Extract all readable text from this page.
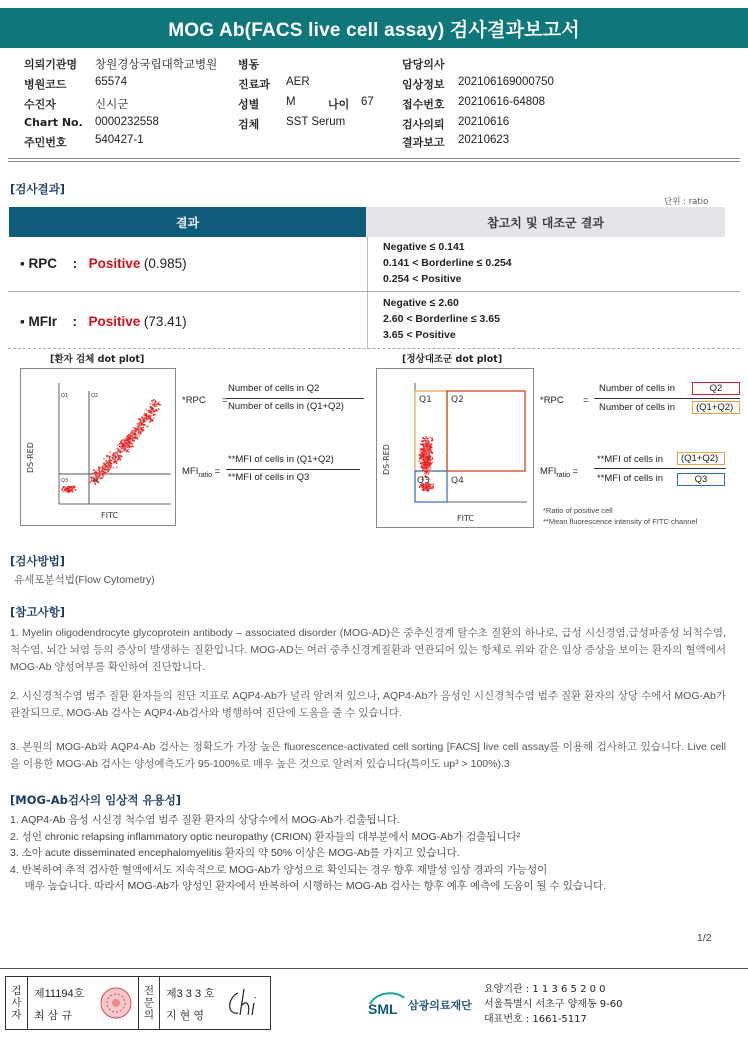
MOG Ab(FACS live cell assay) 검사결과보고서
의뢰기관명 창원경상국립대학교병원
병원코드 65574
수진자	신시군
Chart No. 0000232558
주민번호 540427-1
병동
진료과 AER
성별 M	나이 67
검체 SST Serum
담당의사
임상정보 202106169000750
접수번호 20210616-64808
검사의뢰 20210616
결과보고 20210623
[검사결과]
단위 : ratio
결과	참고치 및 대조군 결과
▪ RPC : Positive (0.985)
Negative ≤ 0.141
0.141 < Borderline ≤ 0.254
0.254 < Positive
▪ MFIr : Positive (73.41)
Negative ≤ 2.60
2.60 < Borderline ≤ 3.65
3.65 < Positive
[환자 검체 dot plot]	[정상대조군 dot plot]
Q1	Q2
Q3	Q4
DS-RED
FITC
*RPC =
Number of cells in Q2
Number of cells in (Q1+Q2)
$MFI_{ratio}$ =
**MFI of cells in (Q1+Q2)
**MFI of cells in Q3
Q1 Q2
Q3 Q4
DS-RED
FITC
*RPC =
Number of cells in	Q2
Number of cells in	(Q1+Q2)
$MFI_{ratio}$ =
**MFI of cells in	(Q1+Q2)
**MFI of cells in	Q3
*Ratio of positive cell
**Mean fluorescence intensity of FITC channel
[검사방법]
유세포분석법(Flow Cytometry)
[참고사항]
1. Myelin oligodendrocyte glycoprotein antibody – associated disorder (MOG-AD)은 중추신경계 탈수초 질환의 하나로, 급성 시신경염,급성파종성 뇌척수염, 척수염, 뇌간 뇌염 등의 증상이 발생하는 질환입니다. MOG-AD는 여러 중추신경계질환과 연관되어 있는 항체로 위와 같은 임상 증상을 보이는 환자의 혈액에서 MOG-Ab 양성여부를 확인하여 진단합니다.
2. 시신경척수염 범주 질환 환자들의 진단 지표로 AQP4-Ab가 널리 알려져 있으나, AQP4-Ab가 음성인 시신경척수염 범주 질환 환자의 상당 수에서 MOG-Ab가 관찰되므로, MOG-Ab 검사는 AQP4-Ab검사와 병행하여 진단에 도움을 줄 수 있습니다.
3. 본원의 MOG-Ab와 AQP4-Ab 검사는 정확도가 가장 높은 fluorescence-activated cell sorting [FACS] live cell assay를 이용해 검사하고 있습니다. Live cell을 이용한 MOG-Ab 검사는 양성예측도가 95-100%로 매우 높은 것으로 알려져 있습니다(특이도 up³ > 100%).3
[MOG-Ab검사의 임상적 유용성]
1. AQP4-Ab 음성 시신경 척수염 범주 질환 환자의 상당수에서 MOG-Ab가 검출됩니다.
2. 성인 chronic relapsing inflammatory optic neuropathy (CRION) 환자들의 대부분에서 MOG-Ab가 검출됩니다²
3. 소아 acute disseminated encephalomyelitis 환자의 약 50% 이상은 MOG-Ab를 가지고 있습니다.
4. 반복하여 추적 검사한 혈액에서도 지속적으로 MOG-Ab가 양성으로 확인되는 경우 향후 재발성 임상 경과의 가능성이
매우 높습니다. 따라서 MOG-Ab가 양성인 환자에서 반복하여 시행하는 MOG-Ab 검사는 향후 예후 예측에 도움이 될 수 있습니다.
1/2
검
사
자
제11194호
최 삼 규
전
문
의
제3 3 3 호
지 현 영	SML 삼광의료재단
요양기관 : 1 1 3 6 5 2 0 0
서울특별시 서초구 양재동 9-60
대표번호 : 1661-5117
